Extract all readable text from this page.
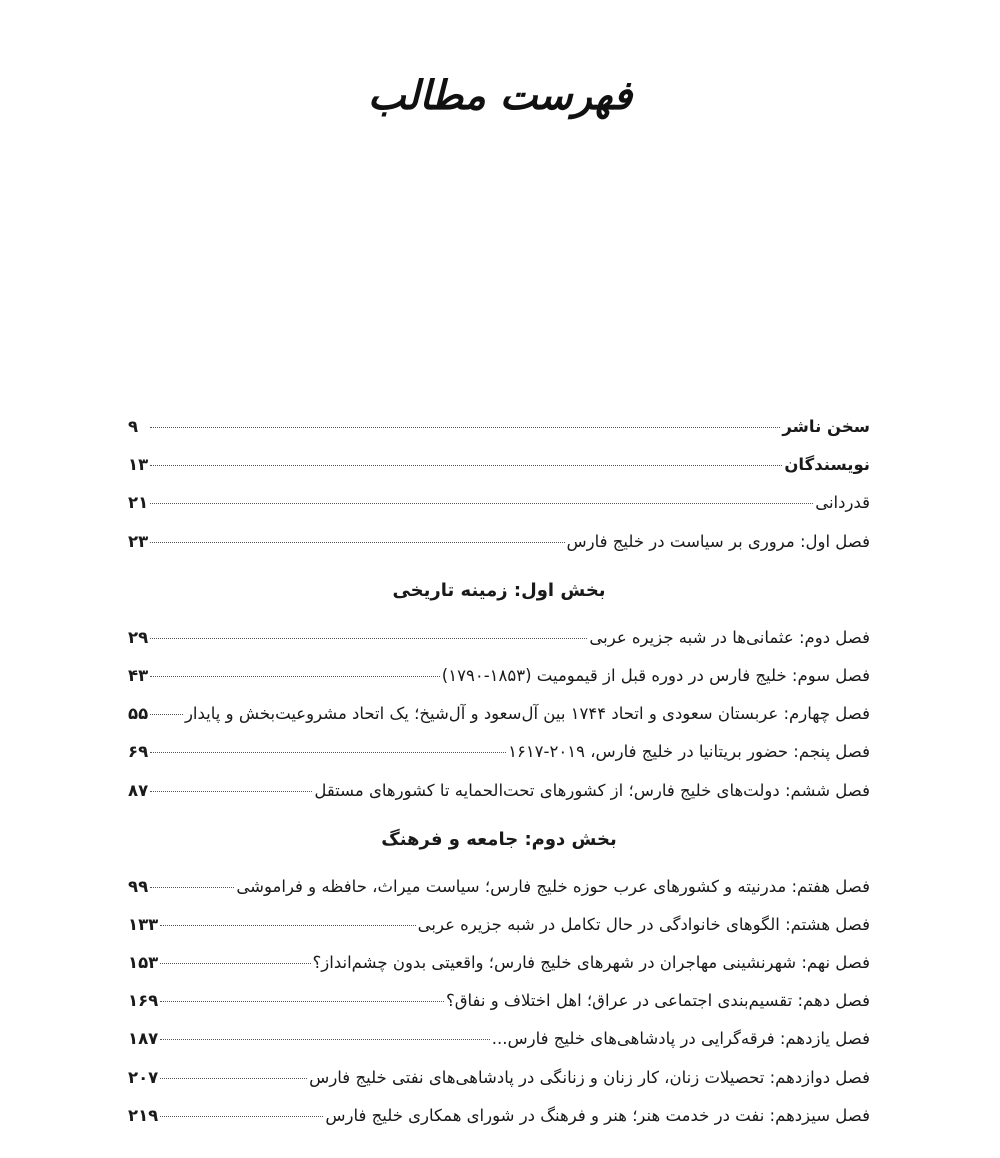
فهرست مطالب
سخن ناشر
۹
نویسندگان
۱۳
قدردانی
۲۱
فصل اول: مروری بر سیاست در خلیج فارس
۲۳
بخش اول: زمینه تاریخی
فصل دوم: عثمانی‌ها در شبه جزیره عربی
۲۹
فصل سوم: خلیج فارس در دوره قبل از قیمومیت (۱۸۵۳-۱۷۹۰)
۴۳
فصل چهارم: عربستان سعودی و اتحاد ۱۷۴۴ بین آل‌سعود و آل‌شیخ؛ یک اتحاد مشروعیت‌بخش و پایدار
۵۵
فصل پنجم: حضور بریتانیا در خلیج فارس، ۲۰۱۹-۱۶۱۷
۶۹
فصل ششم: دولت‌های خلیج فارس؛ از کشورهای تحت‌الحمایه تا کشورهای مستقل
۸۷
بخش دوم: جامعه و فرهنگ
فصل هفتم: مدرنیته و کشورهای عرب حوزه خلیج فارس؛ سیاست میراث، حافظه و فراموشی
۹۹
فصل هشتم: الگوهای خانوادگی در حال تکامل در شبه جزیره عربی
۱۳۳
فصل نهم: شهرنشینی مهاجران در شهرهای خلیج فارس؛ واقعیتی بدون چشم‌انداز؟
۱۵۳
فصل دهم: تقسیم‌بندی اجتماعی در عراق؛ اهل اختلاف و نفاق؟
۱۶۹
فصل یازدهم: فرقه‌گرایی در پادشاهی‌های خلیج فارس...
۱۸۷
فصل دوازدهم: تحصیلات زنان، کار زنان و زنانگی در پادشاهی‌های نفتی خلیج فارس
۲۰۷
فصل سیزدهم: نفت در خدمت هنر؛ هنر و فرهنگ در شورای همکاری خلیج فارس
۲۱۹
